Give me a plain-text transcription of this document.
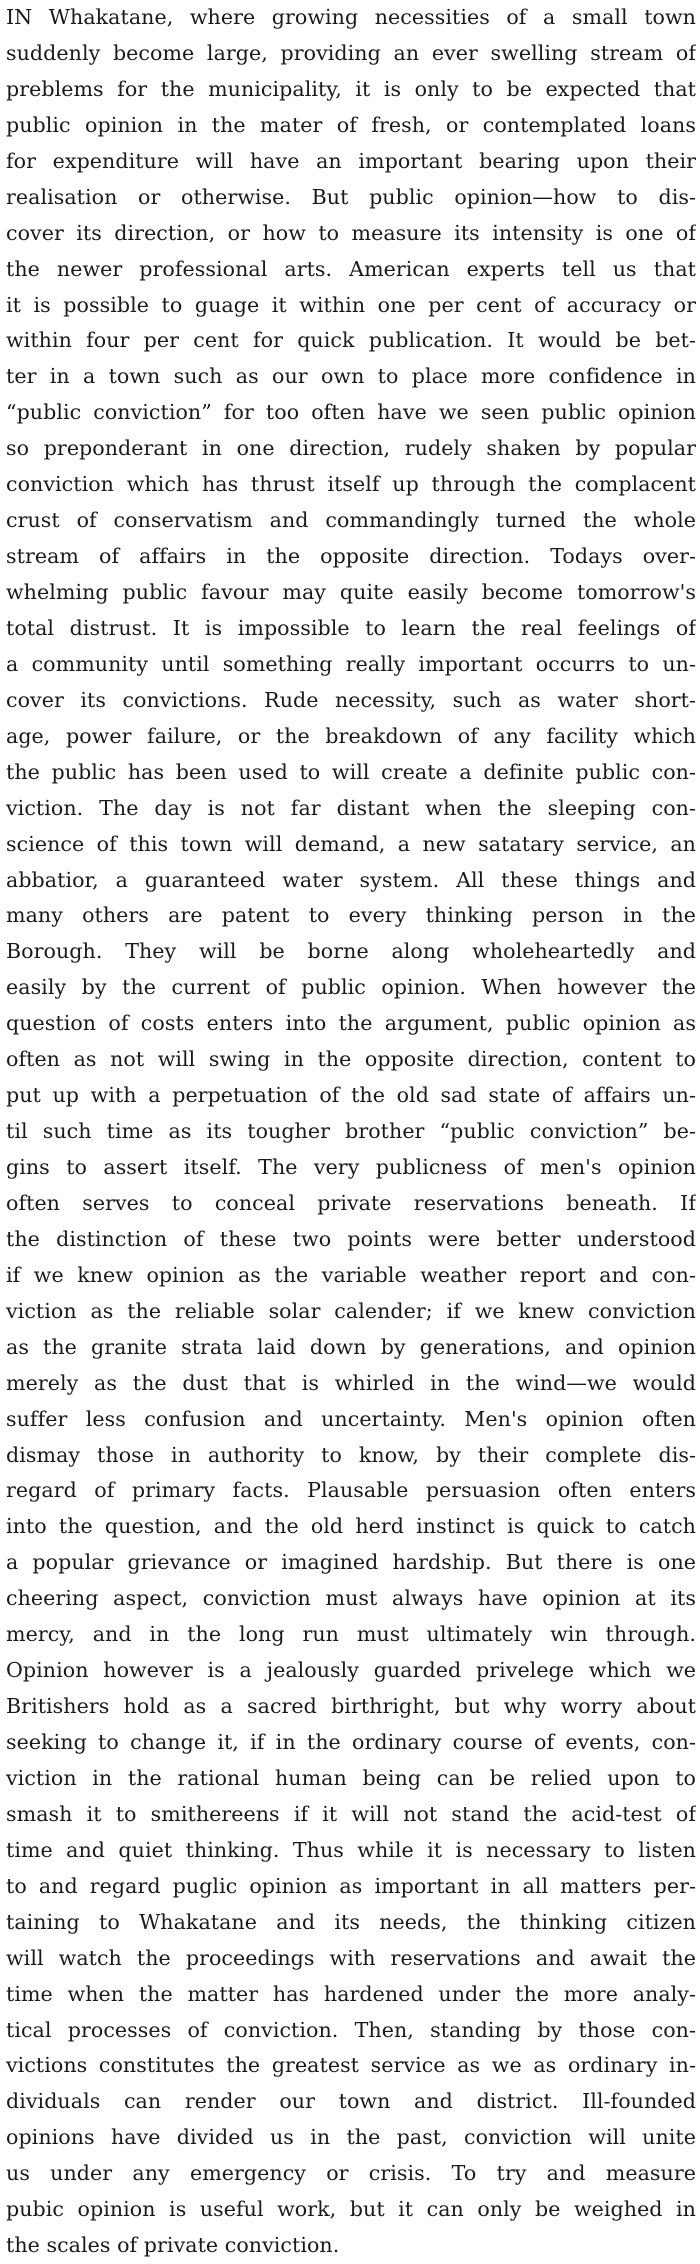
IN Whakatane, where growing necessities of a small town
suddenly become large, providing an ever swelling stream of
preblems for the municipality, it is only to be expected that
public opinion in the mater of fresh, or contemplated loans
for expenditure will have an important bearing upon their
realisation or otherwise. But public opinion—how to dis-
cover its direction, or how to measure its intensity is one of
the newer professional arts. American experts tell us that
it is possible to guage it within one per cent of accuracy or
within four per cent for quick publication. It would be bet-
ter in a town such as our own to place more confidence in
“public conviction” for too often have we seen public opinion
so preponderant in one direction, rudely shaken by popular
conviction which has thrust itself up through the complacent
crust of conservatism and commandingly turned the whole
stream of affairs in the opposite direction. Todays over-
whelming public favour may quite easily become tomorrow's
total distrust. It is impossible to learn the real feelings of
a community until something really important occurrs to un-
cover its convictions. Rude necessity, such as water short-
age, power failure, or the breakdown of any facility which
the public has been used to will create a definite public con-
viction. The day is not far distant when the sleeping con-
science of this town will demand, a new satatary service, an
abbatior, a guaranteed water system. All these things and
many others are patent to every thinking person in the
Borough. They will be borne along wholeheartedly and
easily by the current of public opinion. When however the
question of costs enters into the argument, public opinion as
often as not will swing in the opposite direction, content to
put up with a perpetuation of the old sad state of affairs un-
til such time as its tougher brother “public conviction” be-
gins to assert itself. The very publicness of men's opinion
often serves to conceal private reservations beneath. If
the distinction of these two points were better understood
if we knew opinion as the variable weather report and con-
viction as the reliable solar calender; if we knew conviction
as the granite strata laid down by generations, and opinion
merely as the dust that is whirled in the wind—we would
suffer less confusion and uncertainty. Men's opinion often
dismay those in authority to know, by their complete dis-
regard of primary facts. Plausable persuasion often enters
into the question, and the old herd instinct is quick to catch
a popular grievance or imagined hardship. But there is one
cheering aspect, conviction must always have opinion at its
mercy, and in the long run must ultimately win through.
Opinion however is a jealously guarded privelege which we
Britishers hold as a sacred birthright, but why worry about
seeking to change it, if in the ordinary course of events, con-
viction in the rational human being can be relied upon to
smash it to smithereens if it will not stand the acid-test of
time and quiet thinking. Thus while it is necessary to listen
to and regard puglic opinion as important in all matters per-
taining to Whakatane and its needs, the thinking citizen
will watch the proceedings with reservations and await the
time when the matter has hardened under the more analy-
tical processes of conviction. Then, standing by those con-
victions constitutes the greatest service as we as ordinary in-
dividuals can render our town and district. Ill-founded
opinions have divided us in the past, conviction will unite
us under any emergency or crisis. To try and measure
pubic opinion is useful work, but it can only be weighed in
the scales of private conviction.
